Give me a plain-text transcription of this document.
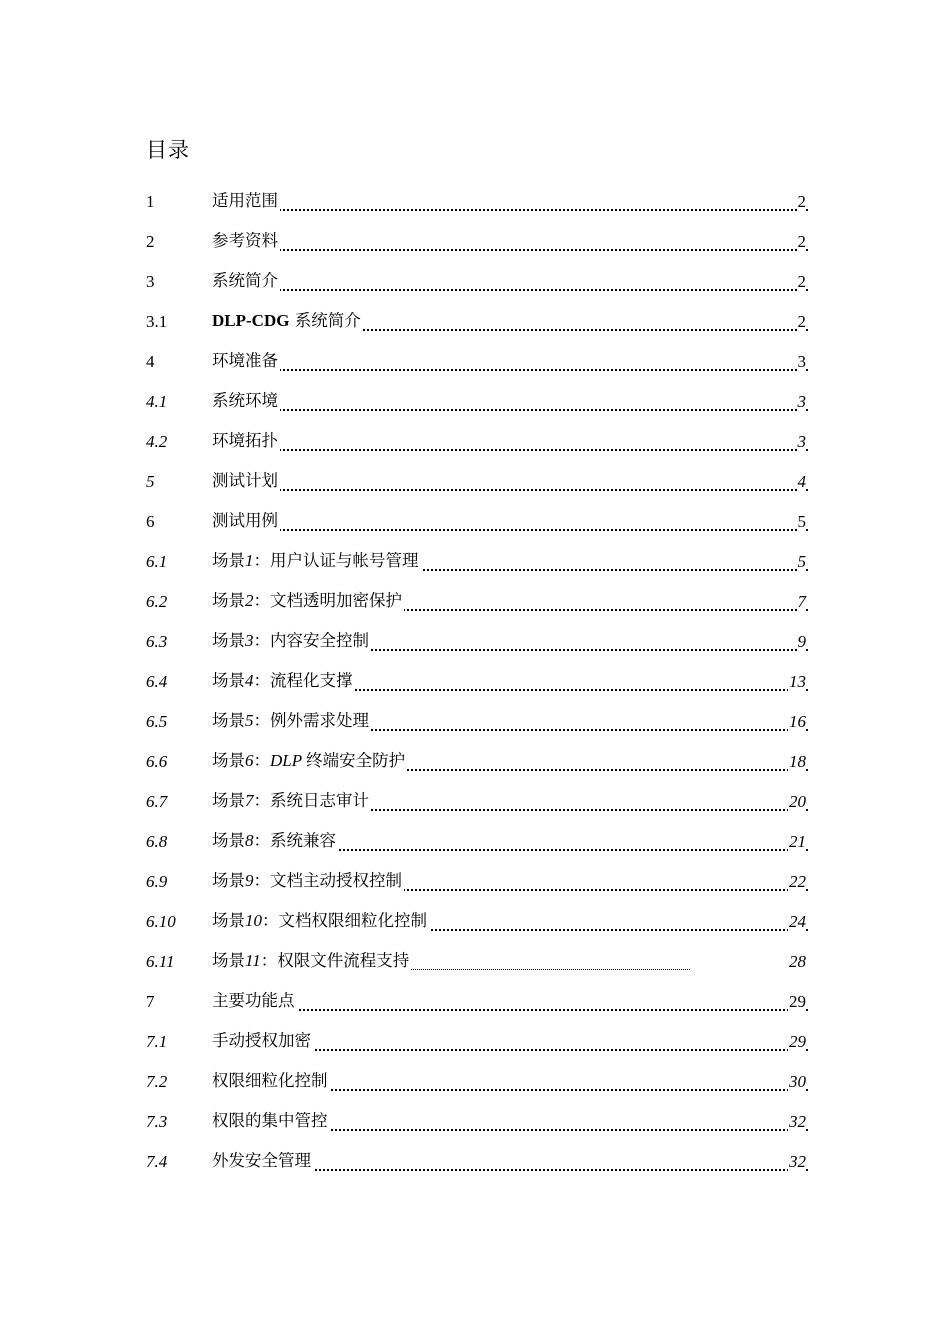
目录
1	适用范围	2
2	参考资料	2
3	系统简介	2
3.1	DLP-CDG 系统简介	2
4	环境准备	3
4.1	系统环境	3
4.2	环境拓扑	3
5	测试计划	4
6	测试用例	5
6.1	场景1：用户认证与帐号管理	5
6.2	场景2：文档透明加密保护	7
6.3	场景3：内容安全控制	9
6.4	场景4：流程化支撑	13
6.5	场景5：例外需求处理	16
6.6	场景6：DLP 终端安全防护	18
6.7	场景7：系统日志审计	20
6.8	场景8：系统兼容	21
6.9	场景9：文档主动授权控制	22
6.10 场景10：文档权限细粒化控制	24
6.11 场景11：权限文件流程支持	28
7	主要功能点	29
7.1	手动授权加密	29
7.2	权限细粒化控制	30
7.3	权限的集中管控	32
7.4	外发安全管理	32
